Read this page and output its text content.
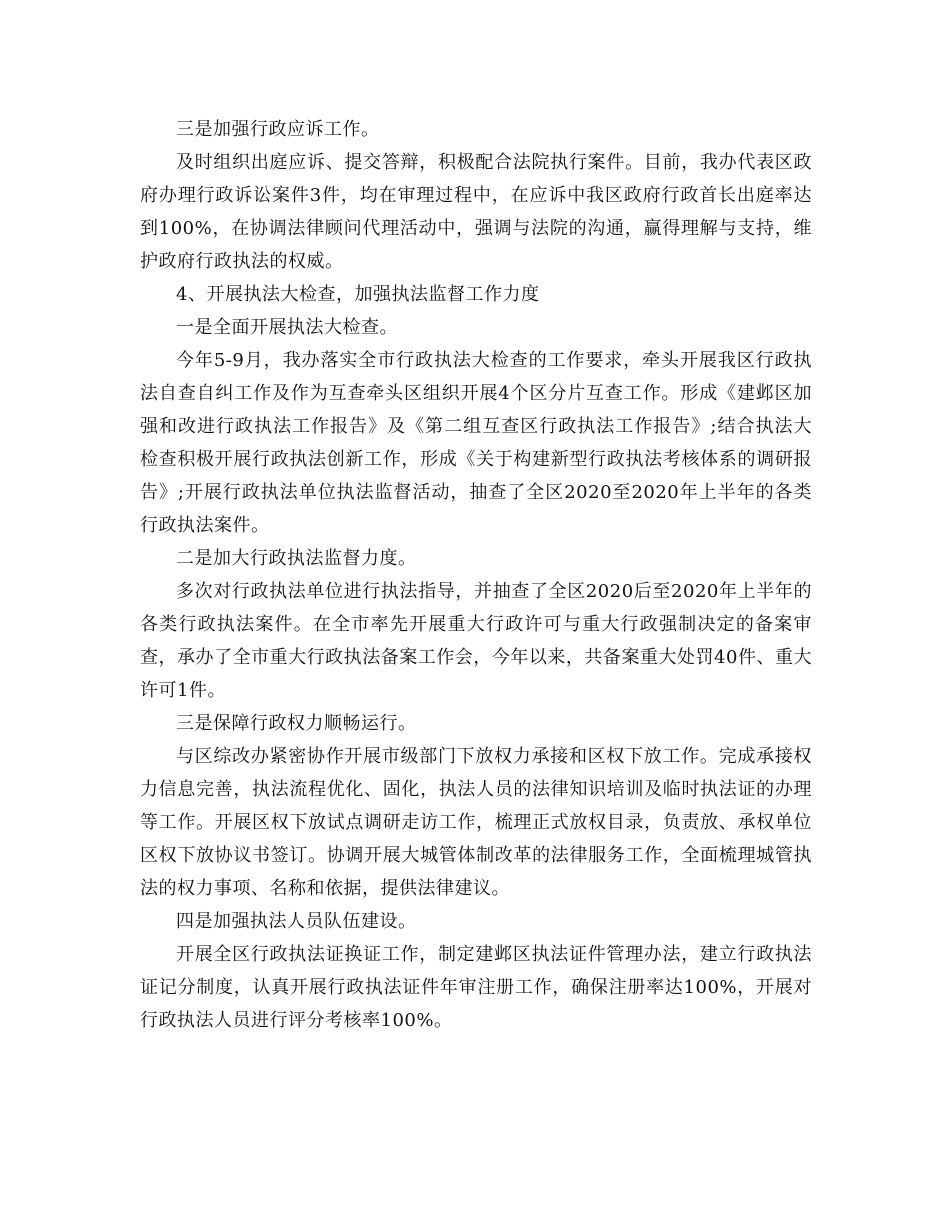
三是加强行政应诉工作。

及时组织出庭应诉、提交答辩，积极配合法院执行案件。目前，我办代表区政府办理行政诉讼案件3件，均在审理过程中，在应诉中我区政府行政首长出庭率达到100%，在协调法律顾问代理活动中，强调与法院的沟通，赢得理解与支持，维护政府行政执法的权威。

4、开展执法大检查，加强执法监督工作力度

一是全面开展执法大检查。

今年5-9月，我办落实全市行政执法大检查的工作要求，牵头开展我区行政执法自查自纠工作及作为互查牵头区组织开展4个区分片互查工作。形成《建邺区加强和改进行政执法工作报告》及《第二组互查区行政执法工作报告》;结合执法大检查积极开展行政执法创新工作，形成《关于构建新型行政执法考核体系的调研报告》;开展行政执法单位执法监督活动，抽查了全区2020至2020年上半年的各类行政执法案件。

二是加大行政执法监督力度。

多次对行政执法单位进行执法指导，并抽查了全区2020后至2020年上半年的各类行政执法案件。在全市率先开展重大行政许可与重大行政强制决定的备案审查，承办了全市重大行政执法备案工作会，今年以来，共备案重大处罚40件、重大许可1件。

三是保障行政权力顺畅运行。

与区综改办紧密协作开展市级部门下放权力承接和区权下放工作。完成承接权力信息完善，执法流程优化、固化，执法人员的法律知识培训及临时执法证的办理等工作。开展区权下放试点调研走访工作，梳理正式放权目录，负责放、承权单位区权下放协议书签订。协调开展大城管体制改革的法律服务工作，全面梳理城管执法的权力事项、名称和依据，提供法律建议。

四是加强执法人员队伍建设。

开展全区行政执法证换证工作，制定建邺区执法证件管理办法，建立行政执法证记分制度，认真开展行政执法证件年审注册工作，确保注册率达100%，开展对行政执法人员进行评分考核率100%。
